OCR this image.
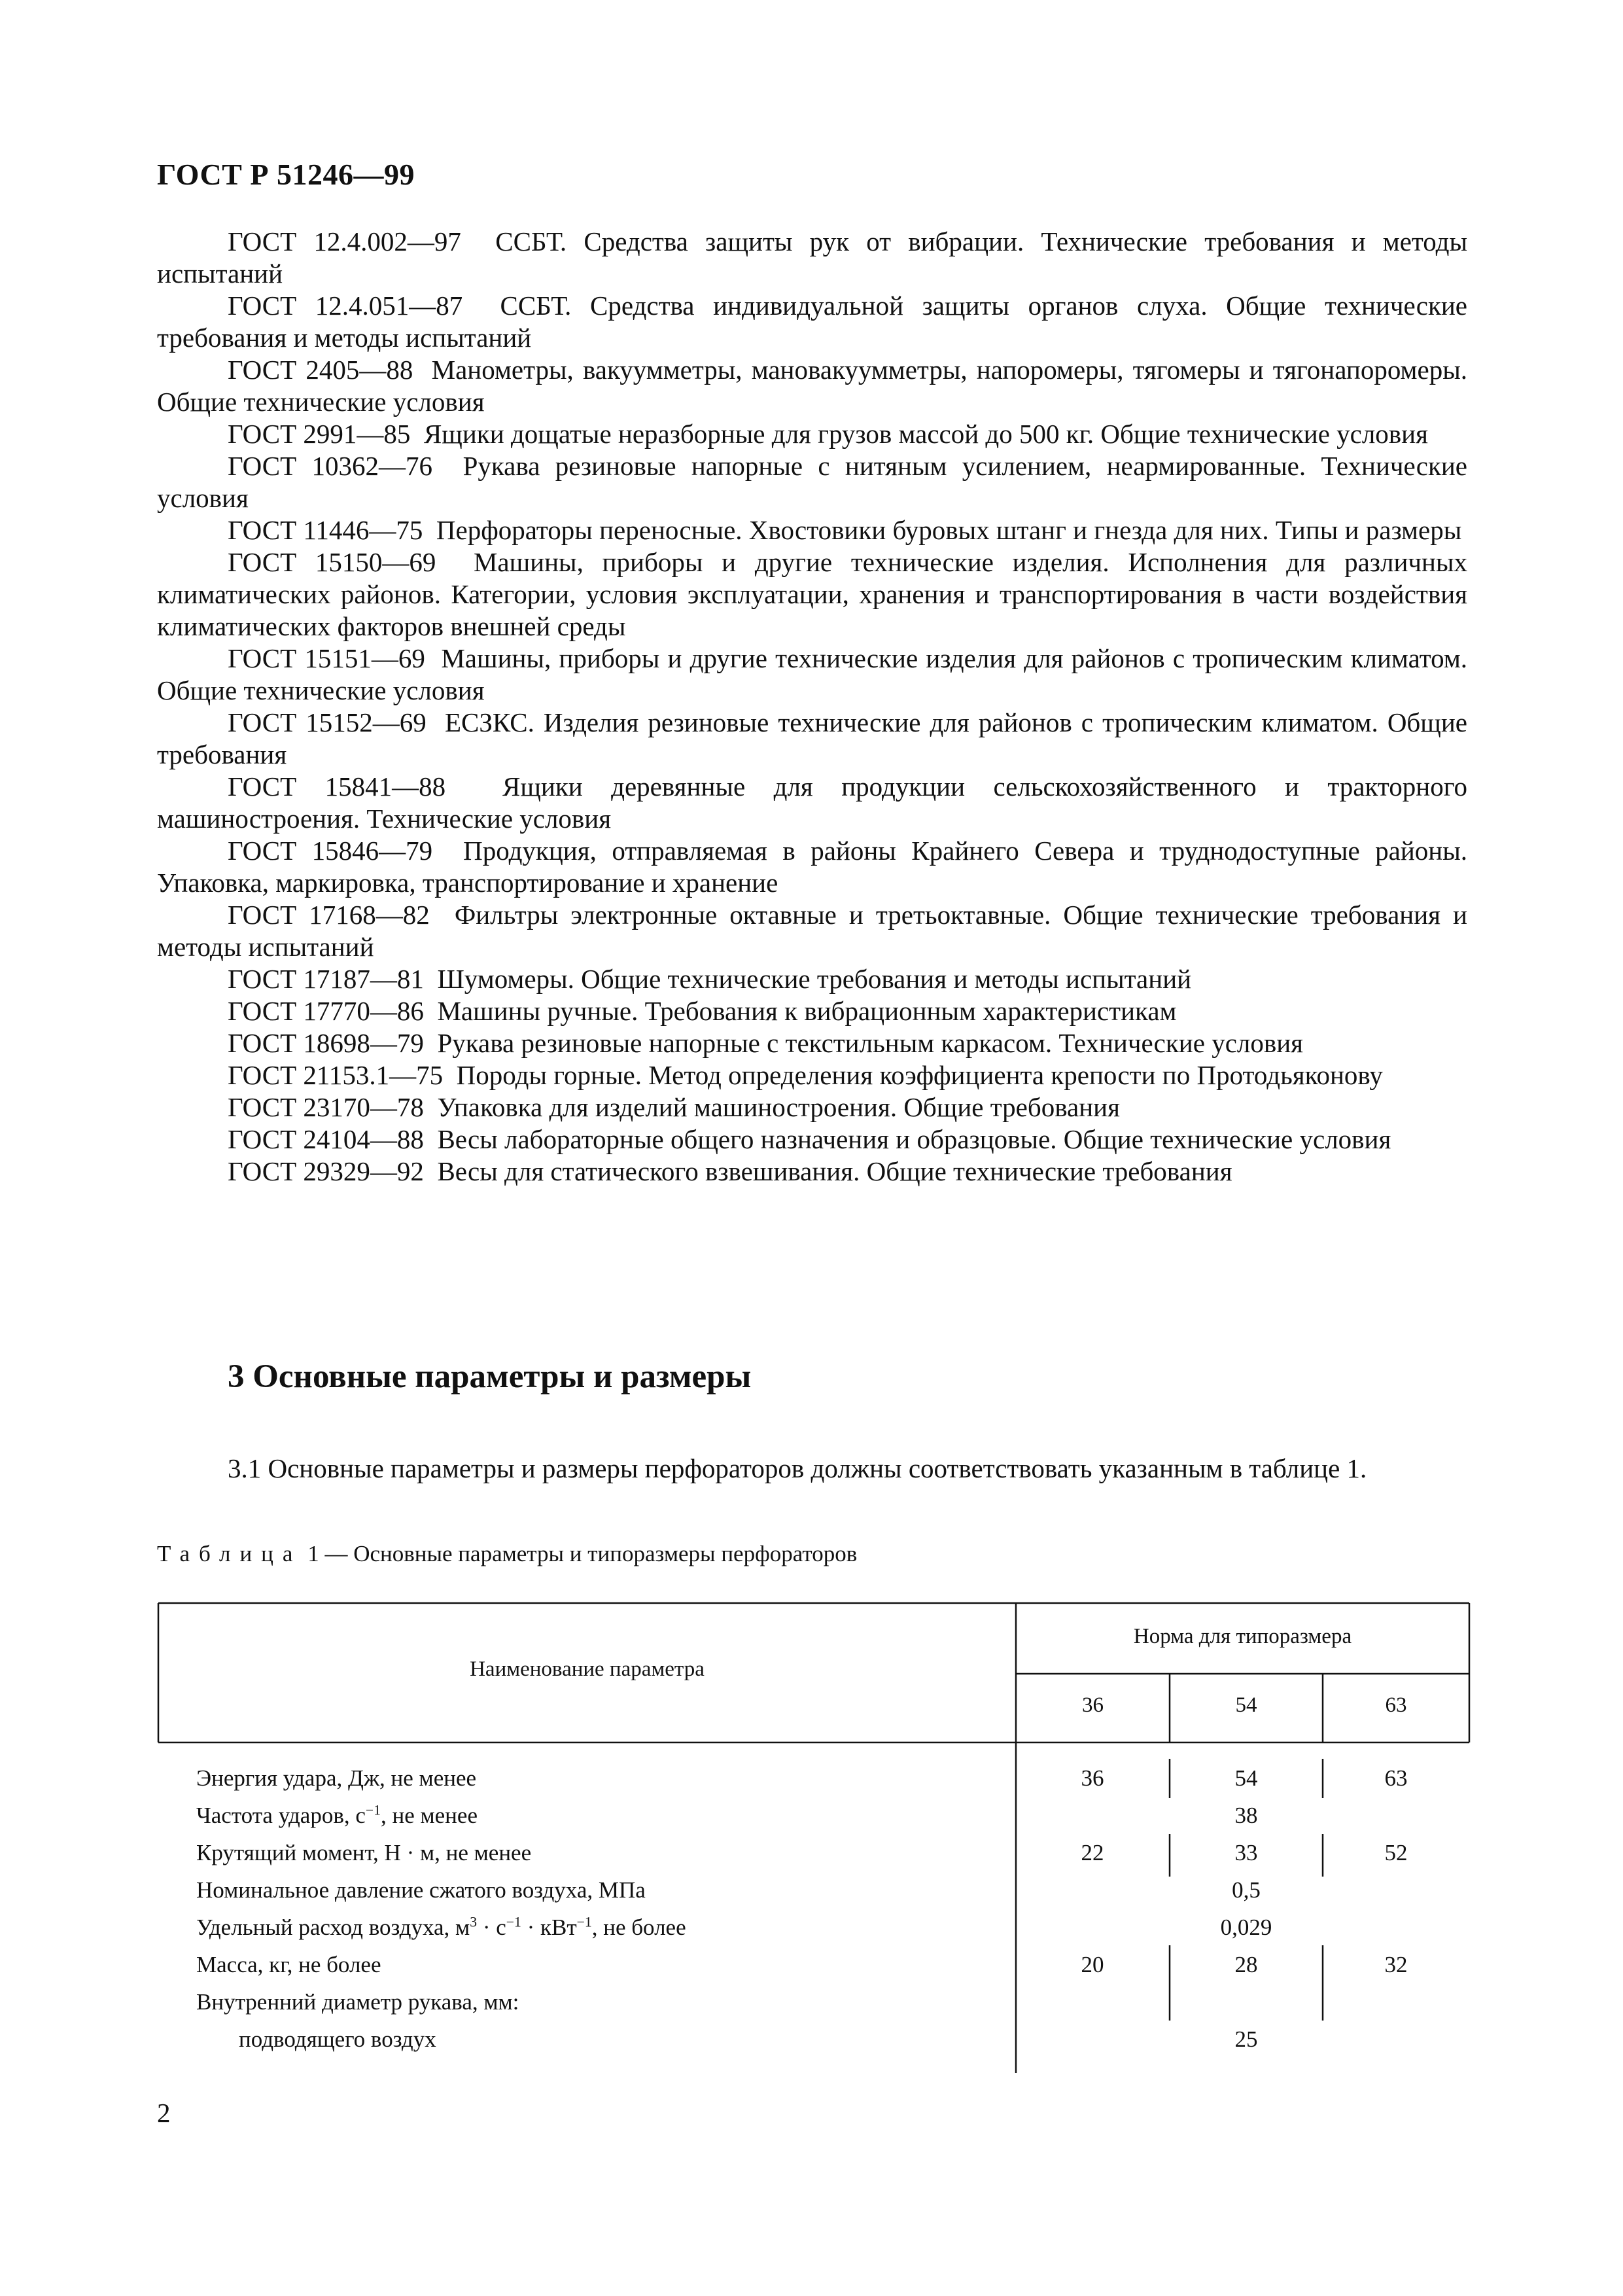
ГОСТ Р 51246—99
ГОСТ 12.4.002—97 ССБТ. Средства защиты рук от вибрации. Технические требования и методы испытаний
ГОСТ 12.4.051—87 ССБТ. Средства индивидуальной защиты органов слуха. Общие технические требования и методы испытаний
ГОСТ 2405—88 Манометры, вакуумметры, мановакуумметры, напоромеры, тягомеры и тягонапоромеры. Общие технические условия
ГОСТ 2991—85 Ящики дощатые неразборные для грузов массой до 500 кг. Общие технические условия
ГОСТ 10362—76 Рукава резиновые напорные с нитяным усилением, неармированные. Технические условия
ГОСТ 11446—75 Перфораторы переносные. Хвостовики буровых штанг и гнезда для них. Типы и размеры
ГОСТ 15150—69 Машины, приборы и другие технические изделия. Исполнения для различных климатических районов. Категории, условия эксплуатации, хранения и транспортирования в части воздействия климатических факторов внешней среды
ГОСТ 15151—69 Машины, приборы и другие технические изделия для районов с тропическим климатом. Общие технические условия
ГОСТ 15152—69 ЕСЗКС. Изделия резиновые технические для районов с тропическим климатом. Общие требования
ГОСТ 15841—88 Ящики деревянные для продукции сельскохозяйственного и тракторного машиностроения. Технические условия
ГОСТ 15846—79 Продукция, отправляемая в районы Крайнего Севера и труднодоступные районы. Упаковка, маркировка, транспортирование и хранение
ГОСТ 17168—82 Фильтры электронные октавные и третьоктавные. Общие технические требования и методы испытаний
ГОСТ 17187—81 Шумомеры. Общие технические требования и методы испытаний
ГОСТ 17770—86 Машины ручные. Требования к вибрационным характеристикам
ГОСТ 18698—79 Рукава резиновые напорные с текстильным каркасом. Технические условия
ГОСТ 21153.1—75 Породы горные. Метод определения коэффициента крепости по Протодьяконову
ГОСТ 23170—78 Упаковка для изделий машиностроения. Общие требования
ГОСТ 24104—88 Весы лабораторные общего назначения и образцовые. Общие технические условия
ГОСТ 29329—92 Весы для статического взвешивания. Общие технические требования
3 Основные параметры и размеры
3.1 Основные параметры и размеры перфораторов должны соответствовать указанным в таблице 1.
Таблица 1 — Основные параметры и типоразмеры перфораторов
Наименование параметра
Норма для типоразмера
36	54	63
Энергия удара, Дж, не менее	36	54	63
Частота ударов, $с^{-1}$, не менее	38
Крутящий момент, Н · м, не менее	22	33	52
Номинальное давление сжатого воздуха, МПа	0,5
Удельный расход воздуха, $м^3 \cdot с^{-1} \cdot кВт^{-1}$, не более	0,029
Масса, кг, не более	20	28	32
Внутренний диаметр рукава, мм:
подводящего воздух	25
2
